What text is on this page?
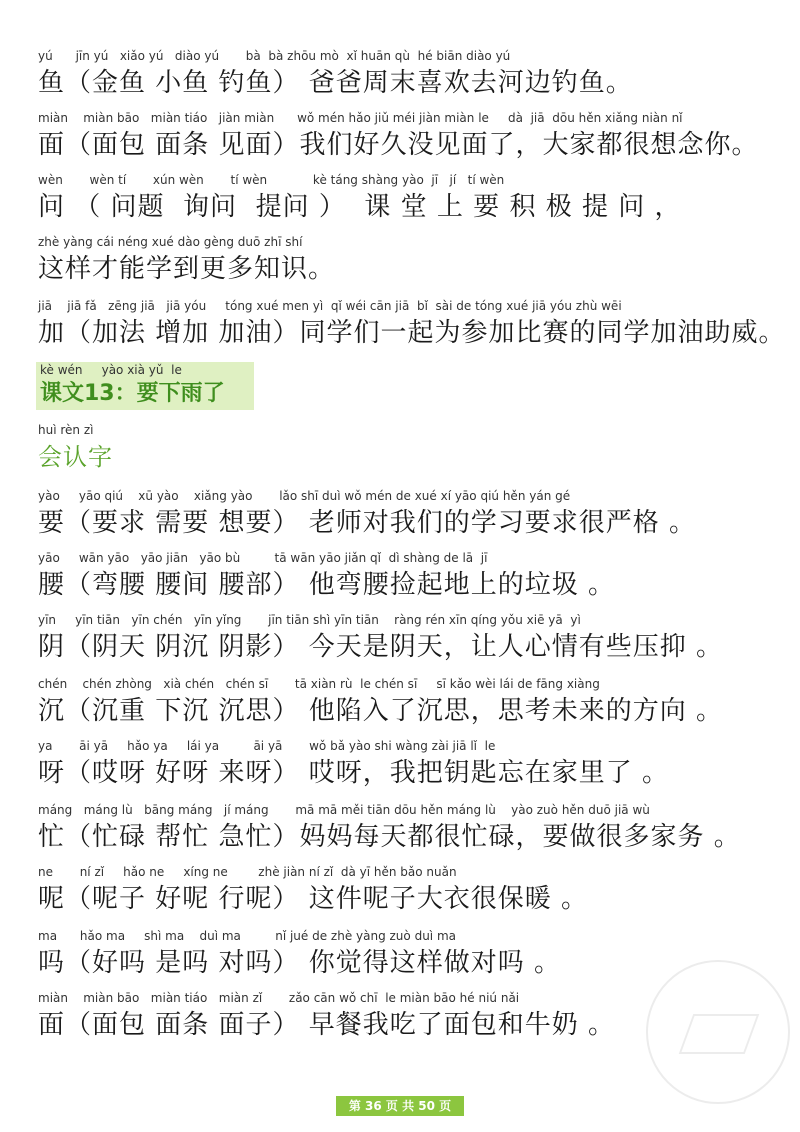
yú      jīn yú   xiǎo yú   diào yú       bà  bà zhōu mò  xǐ huān qù  hé biān diào yú
鱼（金鱼 小鱼 钓鱼） 爸爸周末喜欢去河边钓鱼。
miàn    miàn bāo   miàn tiáo   jiàn miàn      wǒ mén hǎo jiǔ méi jiàn miàn le     dà  jiā  dōu hěn xiǎng niàn nǐ
面（面包 面条 见面）我们好久没见面了，大家都很想念你。
wèn       wèn tí       xún wèn       tí wèn            kè táng shàng yào  jī   jí   tí wèn
问 （ 问题  询问  提问 ）  课 堂 上 要 积 极 提 问 ，
zhè yàng cái néng xué dào gèng duō zhī shí
这样才能学到更多知识。
jiā    jiā fǎ   zēng jiā   jiā yóu     tóng xué men yì  qǐ wéi cān jiā  bǐ  sài de tóng xué jiā yóu zhù wēi
加（加法 增加 加油）同学们一起为参加比赛的同学加油助威。
kè wén     yào xià yǔ  le
课文13：要下雨了
huì rèn zì
会认字
yào     yāo qiú    xū yào    xiǎng yào       lǎo shī duì wǒ mén de xué xí yāo qiú hěn yán gé
要（要求 需要 想要） 老师对我们的学习要求很严格 。
yāo     wān yāo   yāo jiān   yāo bù         tā wān yāo jiǎn qǐ  dì shàng de lā  jī
腰（弯腰 腰间 腰部） 他弯腰捡起地上的垃圾 。
yīn     yīn tiān   yīn chén   yīn yǐng       jīn tiān shì yīn tiān    ràng rén xīn qíng yǒu xiē yā  yì
阴（阴天 阴沉 阴影） 今天是阴天，让人心情有些压抑 。
chén    chén zhòng   xià chén   chén sī       tā xiàn rù  le chén sī     sī kǎo wèi lái de fāng xiàng
沉（沉重 下沉 沉思） 他陷入了沉思，思考未来的方向 。
ya       āi yā     hǎo ya     lái ya         āi yā       wǒ bǎ yào shi wàng zài jiā lǐ  le
呀（哎呀 好呀 来呀） 哎呀，我把钥匙忘在家里了 。
máng   máng lù   bāng máng   jí máng       mā mā měi tiān dōu hěn máng lù    yào zuò hěn duō jiā wù
忙（忙碌 帮忙 急忙）妈妈每天都很忙碌，要做很多家务 。
ne       ní zǐ     hǎo ne     xíng ne        zhè jiàn ní zǐ  dà yī hěn bǎo nuǎn
呢（呢子 好呢 行呢） 这件呢子大衣很保暖 。
ma      hǎo ma     shì ma    duì ma         nǐ jué de zhè yàng zuò duì ma
吗（好吗 是吗 对吗） 你觉得这样做对吗 。
miàn    miàn bāo   miàn tiáo   miàn zǐ       zǎo cān wǒ chī  le miàn bāo hé niú nǎi
面（面包 面条 面子） 早餐我吃了面包和牛奶 。
第 36 页 共 50 页
